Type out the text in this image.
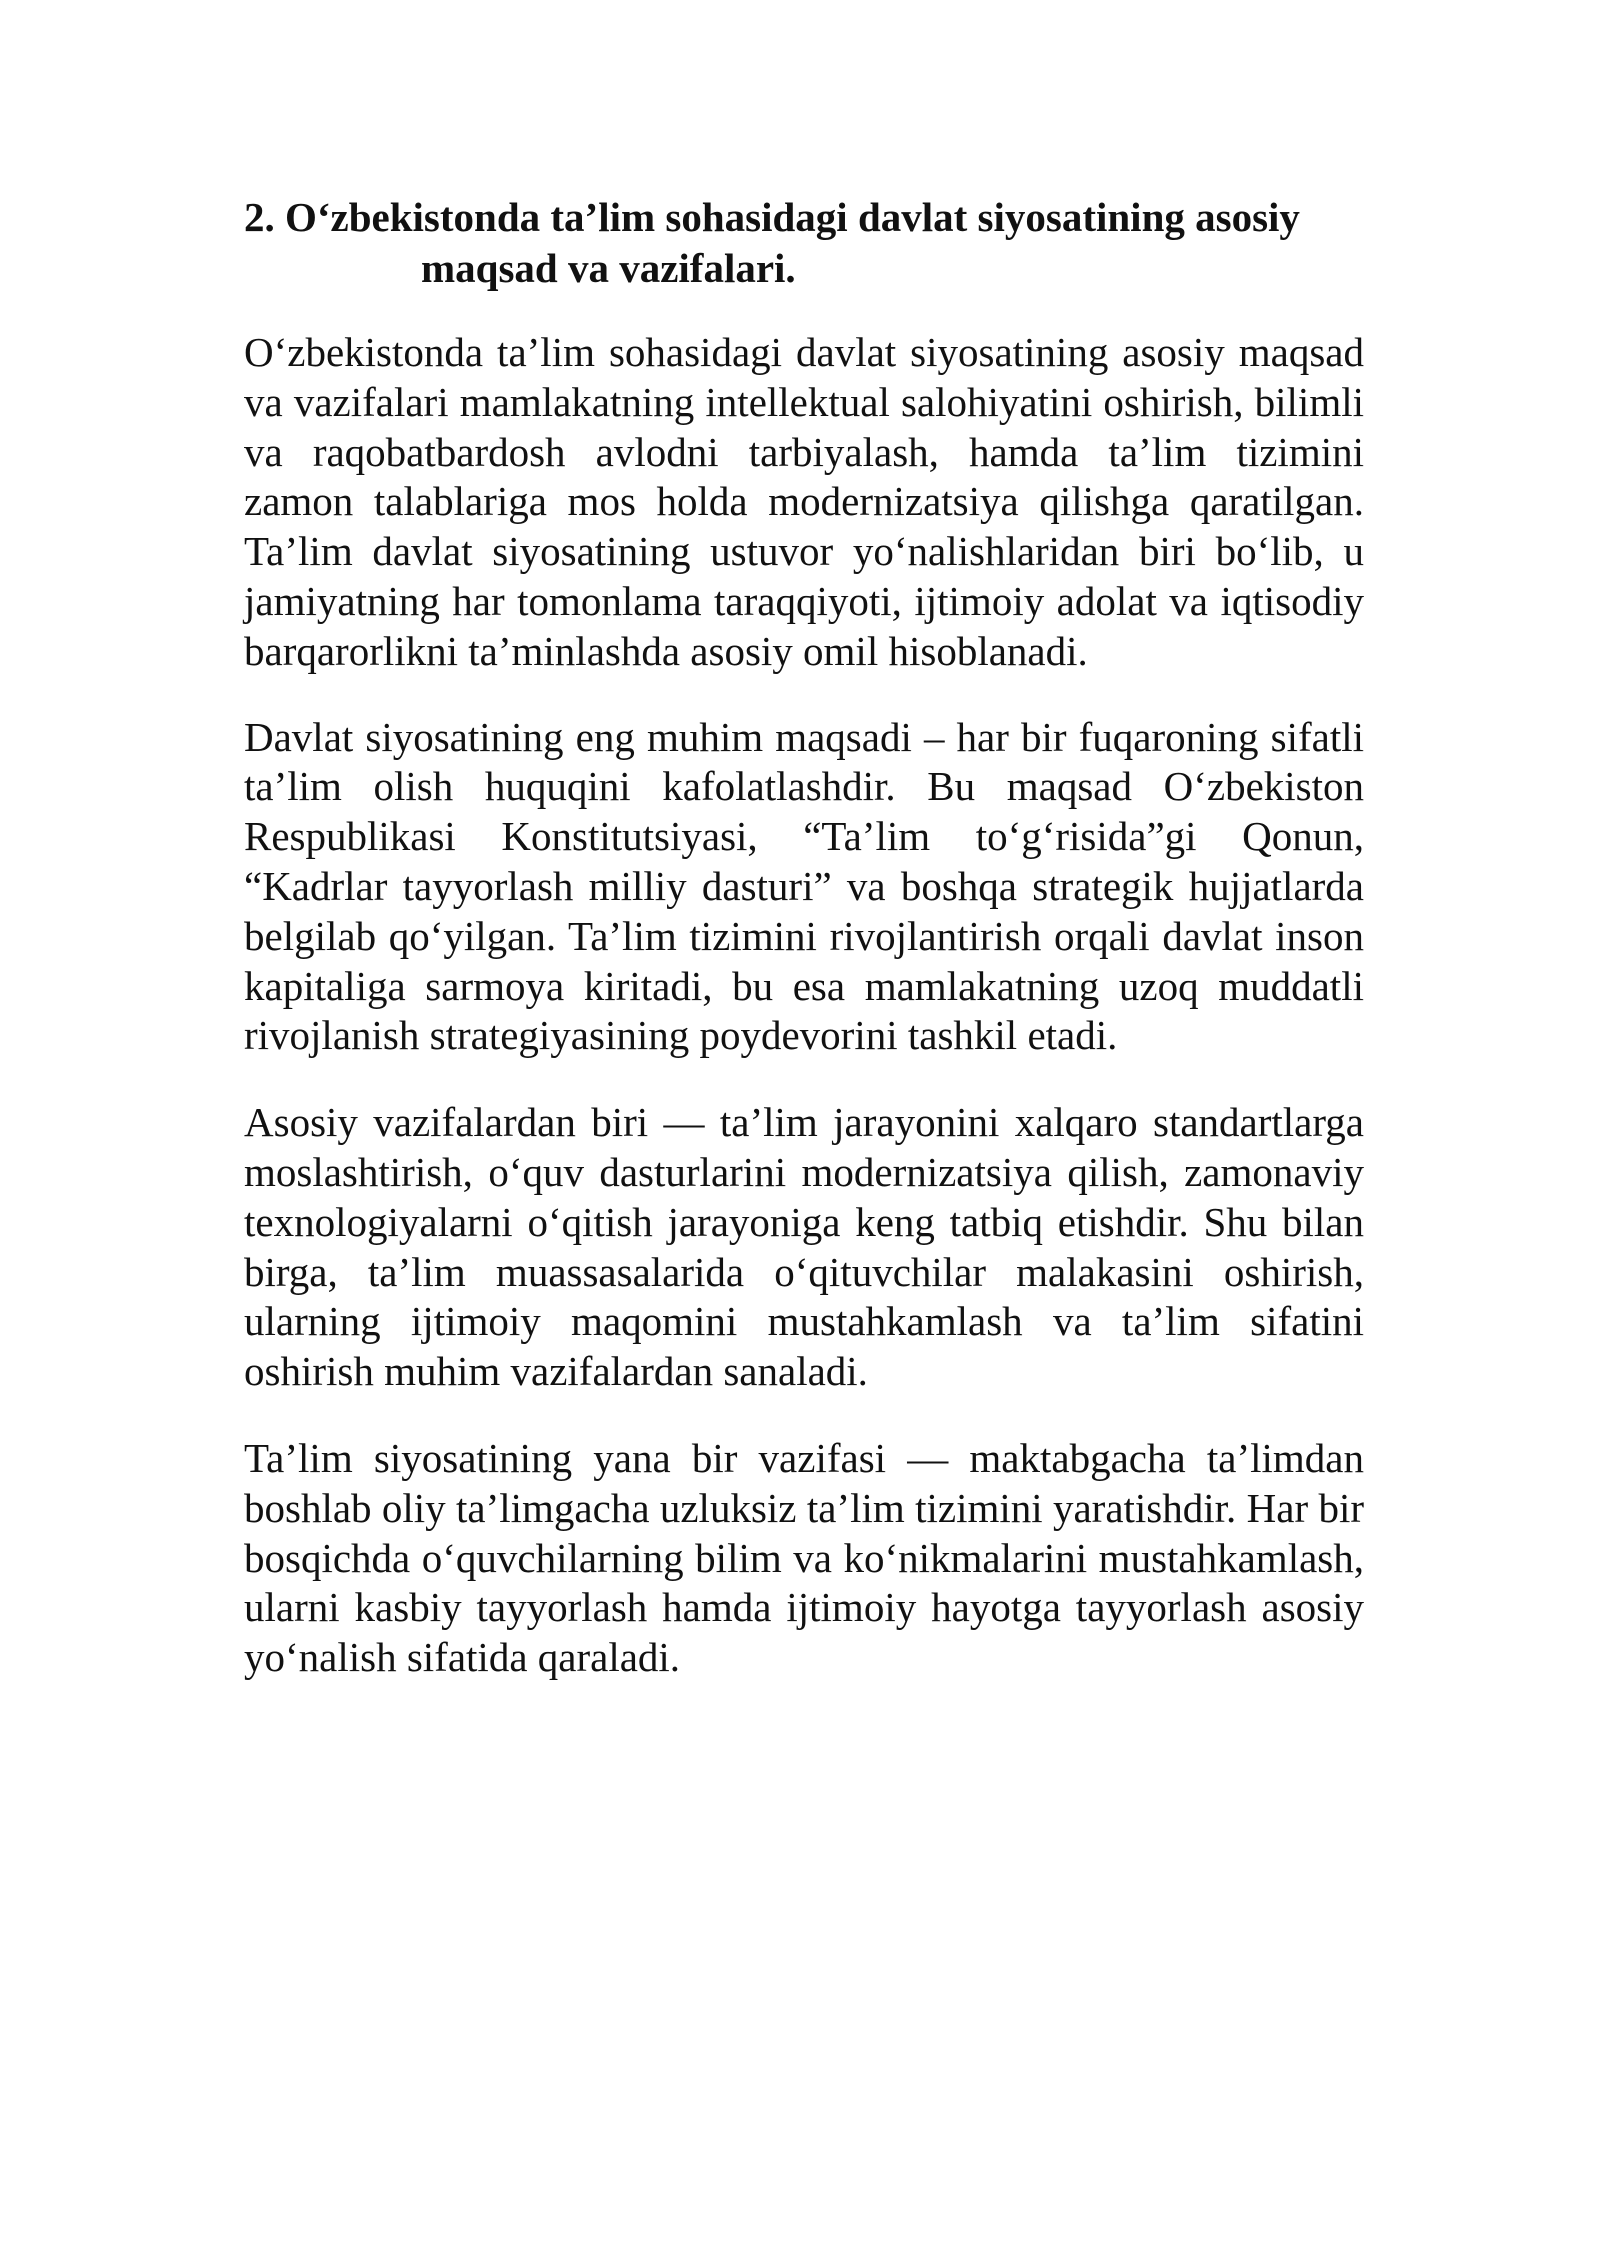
2. O‘zbekistonda ta’lim sohasidagi davlat siyosatining asosiy
maqsad va vazifalari.

O‘zbekistonda ta’lim sohasidagi davlat siyosatining asosiy maqsad va vazifalari mamlakatning intellektual salohiyatini oshirish, bilimli va raqobatbardosh avlodni tarbiyalash, hamda ta’lim tizimini zamon talablariga mos holda modernizatsiya qilishga qaratilgan. Ta’lim davlat siyosatining ustuvor yo‘nalishlaridan biri bo‘lib, u jamiyatning har tomonlama taraqqiyoti, ijtimoiy adolat va iqtisodiy barqarorlikni ta’minlashda asosiy omil hisoblanadi.

Davlat siyosatining eng muhim maqsadi – har bir fuqaroning sifatli ta’lim olish huquqini kafolatlashdir. Bu maqsad O‘zbekiston Respublikasi Konstitutsiyasi, “Ta’lim to‘g‘risida”gi Qonun, “Kadrlar tayyorlash milliy dasturi” va boshqa strategik hujjatlarda belgilab qo‘yilgan. Ta’lim tizimini rivojlantirish orqali davlat inson kapitaliga sarmoya kiritadi, bu esa mamlakatning uzoq muddatli rivojlanish strategiyasining poydevorini tashkil etadi.

Asosiy vazifalardan biri — ta’lim jarayonini xalqaro standartlarga moslashtirish, o‘quv dasturlarini modernizatsiya qilish, zamonaviy texnologiyalarni o‘qitish jarayoniga keng tatbiq etishdir. Shu bilan birga, ta’lim muassasalarida o‘qituvchilar malakasini oshirish, ularning ijtimoiy maqomini mustahkamlash va ta’lim sifatini oshirish muhim vazifalardan sanaladi.

Ta’lim siyosatining yana bir vazifasi — maktabgacha ta’limdan boshlab oliy ta’limgacha uzluksiz ta’lim tizimini yaratishdir. Har bir bosqichda o‘quvchilarning bilim va ko‘nikmalarini mustahkamlash, ularni kasbiy tayyorlash hamda ijtimoiy hayotga tayyorlash asosiy yo‘nalish sifatida qaraladi.
